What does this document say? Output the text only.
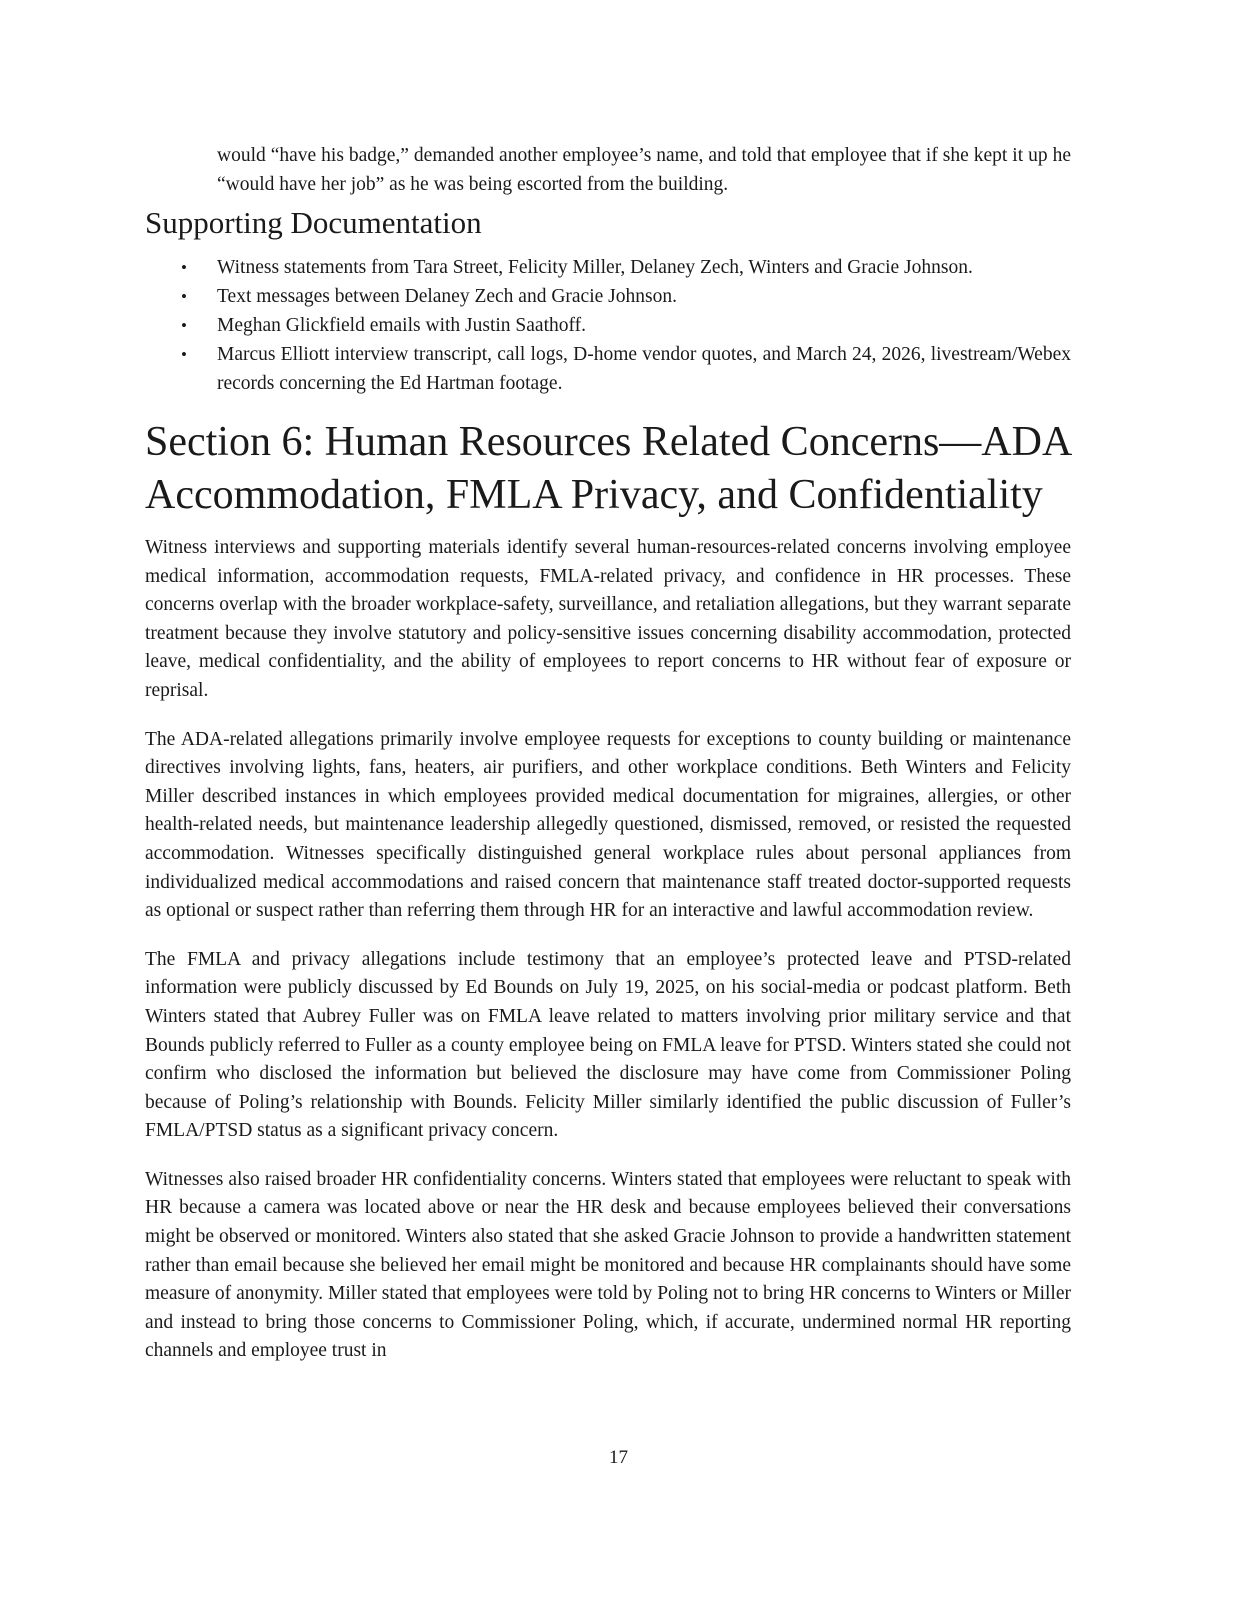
would “have his badge,” demanded another employee’s name, and told that employee that if she kept it up he “would have her job” as he was being escorted from the building.

Supporting Documentation
• Witness statements from Tara Street, Felicity Miller, Delaney Zech, Winters and Gracie Johnson.
• Text messages between Delaney Zech and Gracie Johnson.
• Meghan Glickfield emails with Justin Saathoff.
• Marcus Elliott interview transcript, call logs, D-home vendor quotes, and March 24, 2026, livestream/Webex records concerning the Ed Hartman footage.
Section 6: Human Resources Related Concerns—ADA Accommodation, FMLA Privacy, and Confidentiality

Witness interviews and supporting materials identify several human-resources-related concerns involving employee medical information, accommodation requests, FMLA-related privacy, and confidence in HR processes. These concerns overlap with the broader workplace-safety, surveillance, and retaliation allegations, but they warrant separate treatment because they involve statutory and policy-sensitive issues concerning disability accommodation, protected leave, medical confidentiality, and the ability of employees to report concerns to HR without fear of exposure or reprisal.

The ADA-related allegations primarily involve employee requests for exceptions to county building or maintenance directives involving lights, fans, heaters, air purifiers, and other workplace conditions. Beth Winters and Felicity Miller described instances in which employees provided medical documentation for migraines, allergies, or other health-related needs, but maintenance leadership allegedly questioned, dismissed, removed, or resisted the requested accommodation. Witnesses specifically distinguished general workplace rules about personal appliances from individualized medical accommodations and raised concern that maintenance staff treated doctor-supported requests as optional or suspect rather than referring them through HR for an interactive and lawful accommodation review.

The FMLA and privacy allegations include testimony that an employee’s protected leave and PTSD-related information were publicly discussed by Ed Bounds on July 19, 2025, on his social-media or podcast platform. Beth Winters stated that Aubrey Fuller was on FMLA leave related to matters involving prior military service and that Bounds publicly referred to Fuller as a county employee being on FMLA leave for PTSD. Winters stated she could not confirm who disclosed the information but believed the disclosure may have come from Commissioner Poling because of Poling’s relationship with Bounds. Felicity Miller similarly identified the public discussion of Fuller’s FMLA/PTSD status as a significant privacy concern.

Witnesses also raised broader HR confidentiality concerns. Winters stated that employees were reluctant to speak with HR because a camera was located above or near the HR desk and because employees believed their conversations might be observed or monitored. Winters also stated that she asked Gracie Johnson to provide a handwritten statement rather than email because she believed her email might be monitored and because HR complainants should have some measure of anonymity. Miller stated that employees were told by Poling not to bring HR concerns to Winters or Miller and instead to bring those concerns to Commissioner Poling, which, if accurate, undermined normal HR reporting channels and employee trust in

17
